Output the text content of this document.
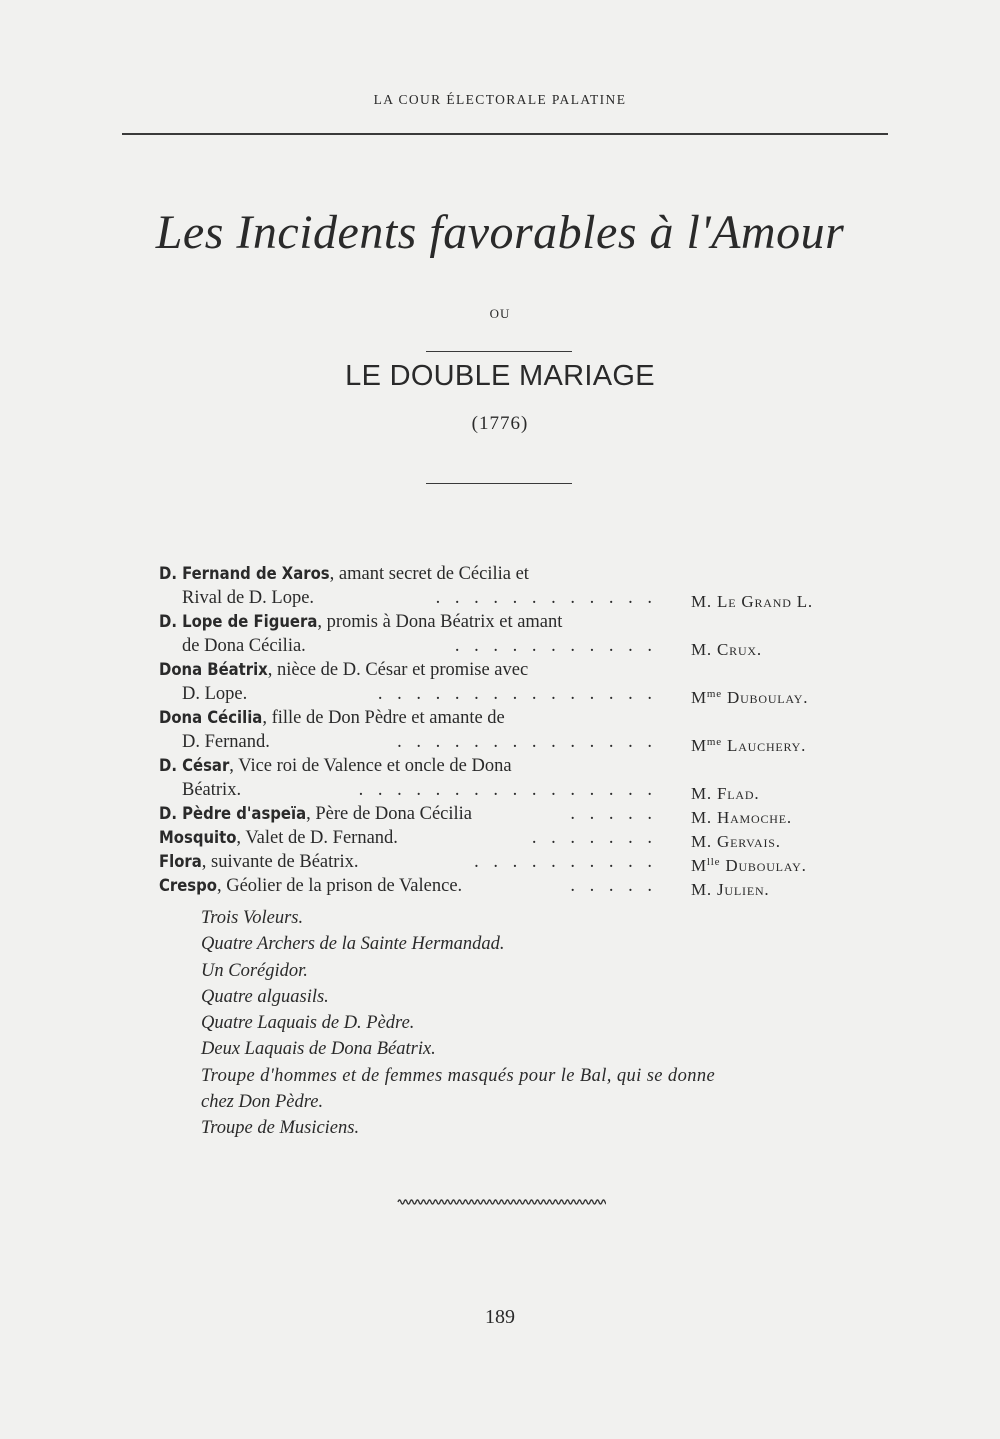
LA COUR ÉLECTORALE PALATINE
Les Incidents favorables à l'Amour
OU
LE DOUBLE MARIAGE
(1776)
D. Fernand de Xaros, amant secret de Cécilia et
Rival de D. Lope.	. . . . . . . . . . . . M. Le Grand L.
D. Lope de Figuera, promis à Dona Béatrix et amant
de Dona Cécilia.	. . . . . . . . . . . M. Crux.
Dona Béatrix, nièce de D. César et promise avec
D. Lope.	. . . . . . . . . . . . . . . $M^{me}$ Duboulay.
Dona Cécilia, fille de Don Pèdre et amante de
D. Fernand.	. . . . . . . . . . . . . . $M^{me}$ Lauchery.
D. César, Vice roi de Valence et oncle de Dona
Béatrix.	. . . . . . . . . . . . . . . . M. Flad.
D. Pèdre d'aspeïa, Père de Dona Cécilia	. . . . . M. Hamoche.
Mosquito, Valet de D. Fernand.	. . . . . . . M. Gervais.
Flora, suivante de Béatrix.	. . . . . . . . . . $M^{lle}$ Duboulay.
Crespo, Géolier de la prison de Valence.	. . . . . M. Julien.
Trois Voleurs.
Quatre Archers de la Sainte Hermandad.
Un Corégidor.
Quatre alguasils.
Quatre Laquais de D. Pèdre.
Deux Laquais de Dona Béatrix.
Troupe d'hommes et de femmes masqués pour le Bal, qui se donne
chez Don Pèdre.
Troupe de Musiciens.
189
